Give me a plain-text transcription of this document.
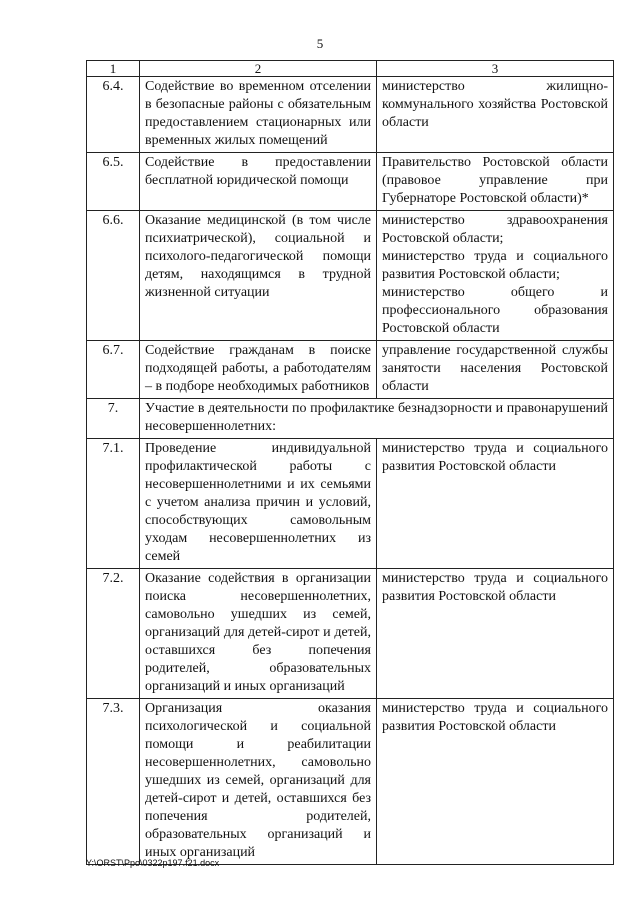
5
1	2	3
6.4.	Содействие во временном отселении в безопасные районы с обязательным предоставлением стационарных или временных жилых помещений	министерство жилищно-коммунального хозяйства Ростовской области

6.5.	Содействие в предоставлении бесплатной юридической помощи	Правительство Ростовской области (правовое управление при Губернаторе Ростовской области)*

6.6.	Оказание медицинской (в том числе психиатрической), социальной и психолого-педагогической помощи детям, находящимся в трудной жизненной ситуации	министерство здравоохранения Ростовской области;
министерство труда и социального развития Ростовской области;
министерство общего и профессионального образования Ростовской области

6.7.	Содействие гражданам в поиске подходящей работы, а работодателям – в подборе необходимых работников	управление государственной службы занятости населения Ростовской области

7.	Участие в деятельности по профилактике безнадзорности и правонарушений несовершеннолетних:	
7.1.	Проведение индивидуальной профилактической работы с несовершеннолетними и их семьями с учетом анализа причин и условий, способствующих самовольным уходам несовершеннолетних из семей	министерство труда и социального развития Ростовской области

7.2.	Оказание содействия в организации поиска несовершеннолетних, самовольно ушедших из семей, организаций для детей-сирот и детей, оставшихся без попечения родителей, образовательных организаций и иных организаций	министерство труда и социального развития Ростовской области

7.3.	Организация оказания психологической и социальной помощи и реабилитации несовершеннолетних, самовольно ушедших из семей, организаций для детей-сирот и детей, оставшихся без попечения родителей, образовательных организаций и иных организаций	министерство труда и социального развития Ростовской области
Y:\ORST\Ppo\0322p197.f21.docx
